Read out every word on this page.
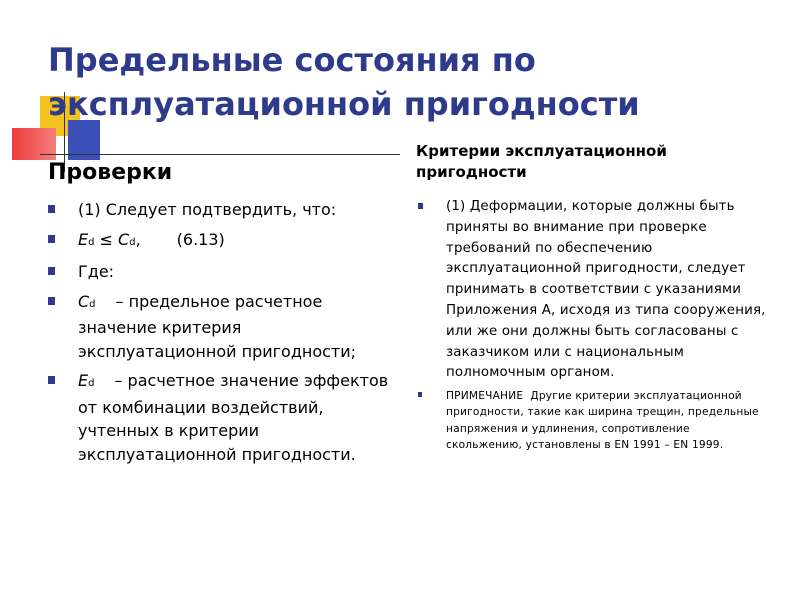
Предельные состояния по
эксплуатационной пригодности
Проверки
Критерии эксплуатационной пригодности
(1) Следует подтвердить, что:
Ed ≤ Cd, (6.13)
Где:
Cd – предельное расчетное значение критерия эксплуатационной пригодности;
Ed – расчетное значение эффектов от комбинации воздействий, учтенных в критерии эксплуатационной пригодности.
(1) Деформации, которые должны быть приняты во внимание при проверке требований по обеспечению эксплуатационной пригодности, следует принимать в соответствии с указаниями Приложения А, исходя из типа сооружения, или же они должны быть согласованы с заказчиком или с национальным полномочным органом.
ПРИМЕЧАНИЕ Другие критерии эксплуатационной пригодности, такие как ширина трещин, предельные напряжения и удлинения, сопротивление скольжению, установлены в EN 1991 – EN 1999.
